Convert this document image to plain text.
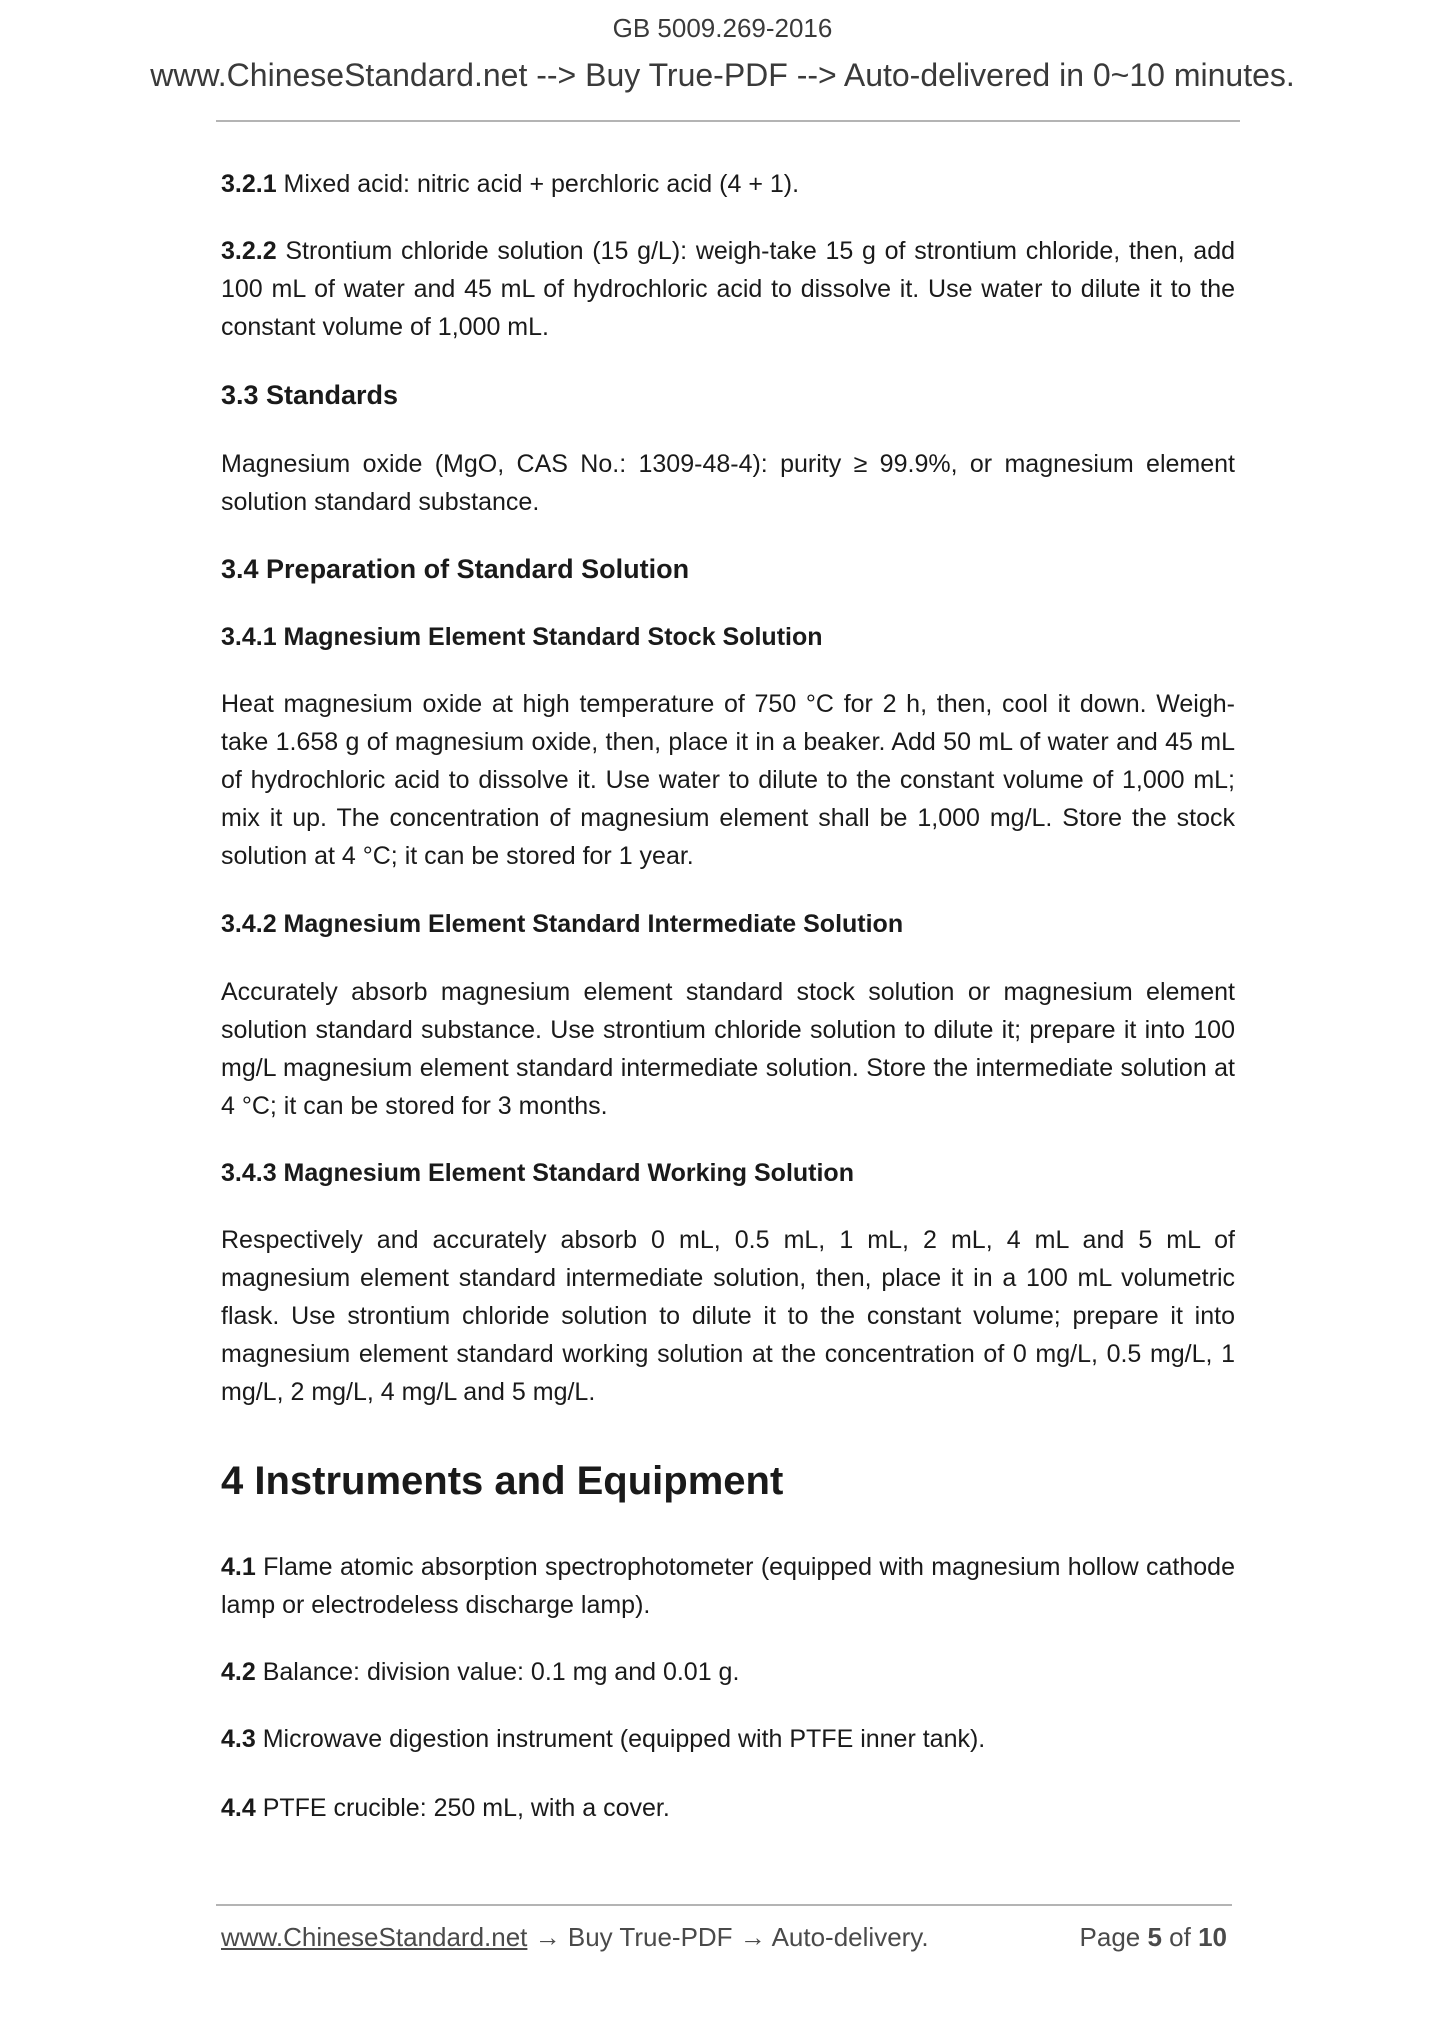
GB 5009.269-2016
www.ChineseStandard.net --> Buy True-PDF --> Auto-delivered in 0~10 minutes.
3.2.1 Mixed acid: nitric acid + perchloric acid (4 + 1).
3.2.2 Strontium chloride solution (15 g/L): weigh-take 15 g of strontium chloride, then, add 100 mL of water and 45 mL of hydrochloric acid to dissolve it. Use water to dilute it to the constant volume of 1,000 mL.
3.3 Standards
Magnesium oxide (MgO, CAS No.: 1309-48-4): purity ≥ 99.9%, or magnesium element solution standard substance.
3.4 Preparation of Standard Solution
3.4.1 Magnesium Element Standard Stock Solution
Heat magnesium oxide at high temperature of 750 °C for 2 h, then, cool it down. Weigh-take 1.658 g of magnesium oxide, then, place it in a beaker. Add 50 mL of water and 45 mL of hydrochloric acid to dissolve it. Use water to dilute to the constant volume of 1,000 mL; mix it up. The concentration of magnesium element shall be 1,000 mg/L. Store the stock solution at 4 °C; it can be stored for 1 year.
3.4.2 Magnesium Element Standard Intermediate Solution
Accurately absorb magnesium element standard stock solution or magnesium element solution standard substance. Use strontium chloride solution to dilute it; prepare it into 100 mg/L magnesium element standard intermediate solution. Store the intermediate solution at 4 °C; it can be stored for 3 months.
3.4.3 Magnesium Element Standard Working Solution
Respectively and accurately absorb 0 mL, 0.5 mL, 1 mL, 2 mL, 4 mL and 5 mL of magnesium element standard intermediate solution, then, place it in a 100 mL volumetric flask. Use strontium chloride solution to dilute it to the constant volume; prepare it into magnesium element standard working solution at the concentration of 0 mg/L, 0.5 mg/L, 1 mg/L, 2 mg/L, 4 mg/L and 5 mg/L.
4 Instruments and Equipment
4.1 Flame atomic absorption spectrophotometer (equipped with magnesium hollow cathode lamp or electrodeless discharge lamp).
4.2 Balance: division value: 0.1 mg and 0.01 g.
4.3 Microwave digestion instrument (equipped with PTFE inner tank).
4.4 PTFE crucible: 250 mL, with a cover.
www.ChineseStandard.net → Buy True-PDF → Auto-delivery.	Page 5 of 10
